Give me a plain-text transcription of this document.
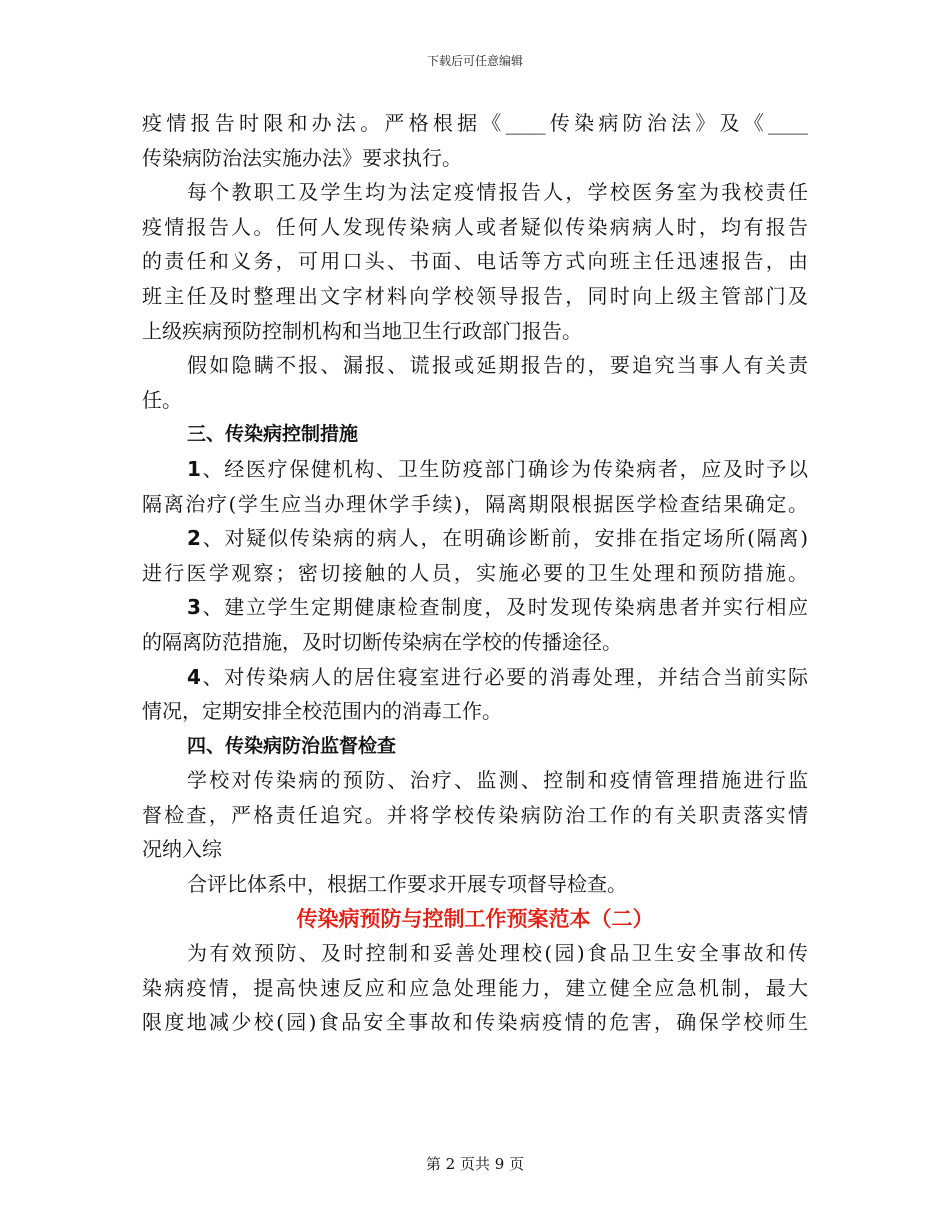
下载后可任意编辑
疫情报告时限和办法。严格根据《____传染病防治法》及《____
传染病防治法实施办法》要求执行。
每个教职工及学生均为法定疫情报告人，学校医务室为我校责任
疫情报告人。任何人发现传染病人或者疑似传染病病人时，均有报告
的责任和义务，可用口头、书面、电话等方式向班主任迅速报告，由
班主任及时整理出文字材料向学校领导报告，同时向上级主管部门及
上级疾病预防控制机构和当地卫生行政部门报告。
假如隐瞒不报、漏报、谎报或延期报告的，要追究当事人有关责
任。
三、传染病控制措施
1、经医疗保健机构、卫生防疫部门确诊为传染病者，应及时予以
隔离治疗(学生应当办理休学手续)，隔离期限根据医学检查结果确定。
2、对疑似传染病的病人，在明确诊断前，安排在指定场所(隔离)
进行医学观察；密切接触的人员，实施必要的卫生处理和预防措施。
3、建立学生定期健康检查制度，及时发现传染病患者并实行相应
的隔离防范措施，及时切断传染病在学校的传播途径。
4、对传染病人的居住寝室进行必要的消毒处理，并结合当前实际
情况，定期安排全校范围内的消毒工作。
四、传染病防治监督检查
学校对传染病的预防、治疗、监测、控制和疫情管理措施进行监
督检查，严格责任追究。并将学校传染病防治工作的有关职责落实情
况纳入综
合评比体系中，根据工作要求开展专项督导检查。
传染病预防与控制工作预案范本（二）
为有效预防、及时控制和妥善处理校(园)食品卫生安全事故和传
染病疫情，提高快速反应和应急处理能力，建立健全应急机制，最大
限度地减少校(园)食品安全事故和传染病疫情的危害，确保学校师生
第 2 页共 9 页
